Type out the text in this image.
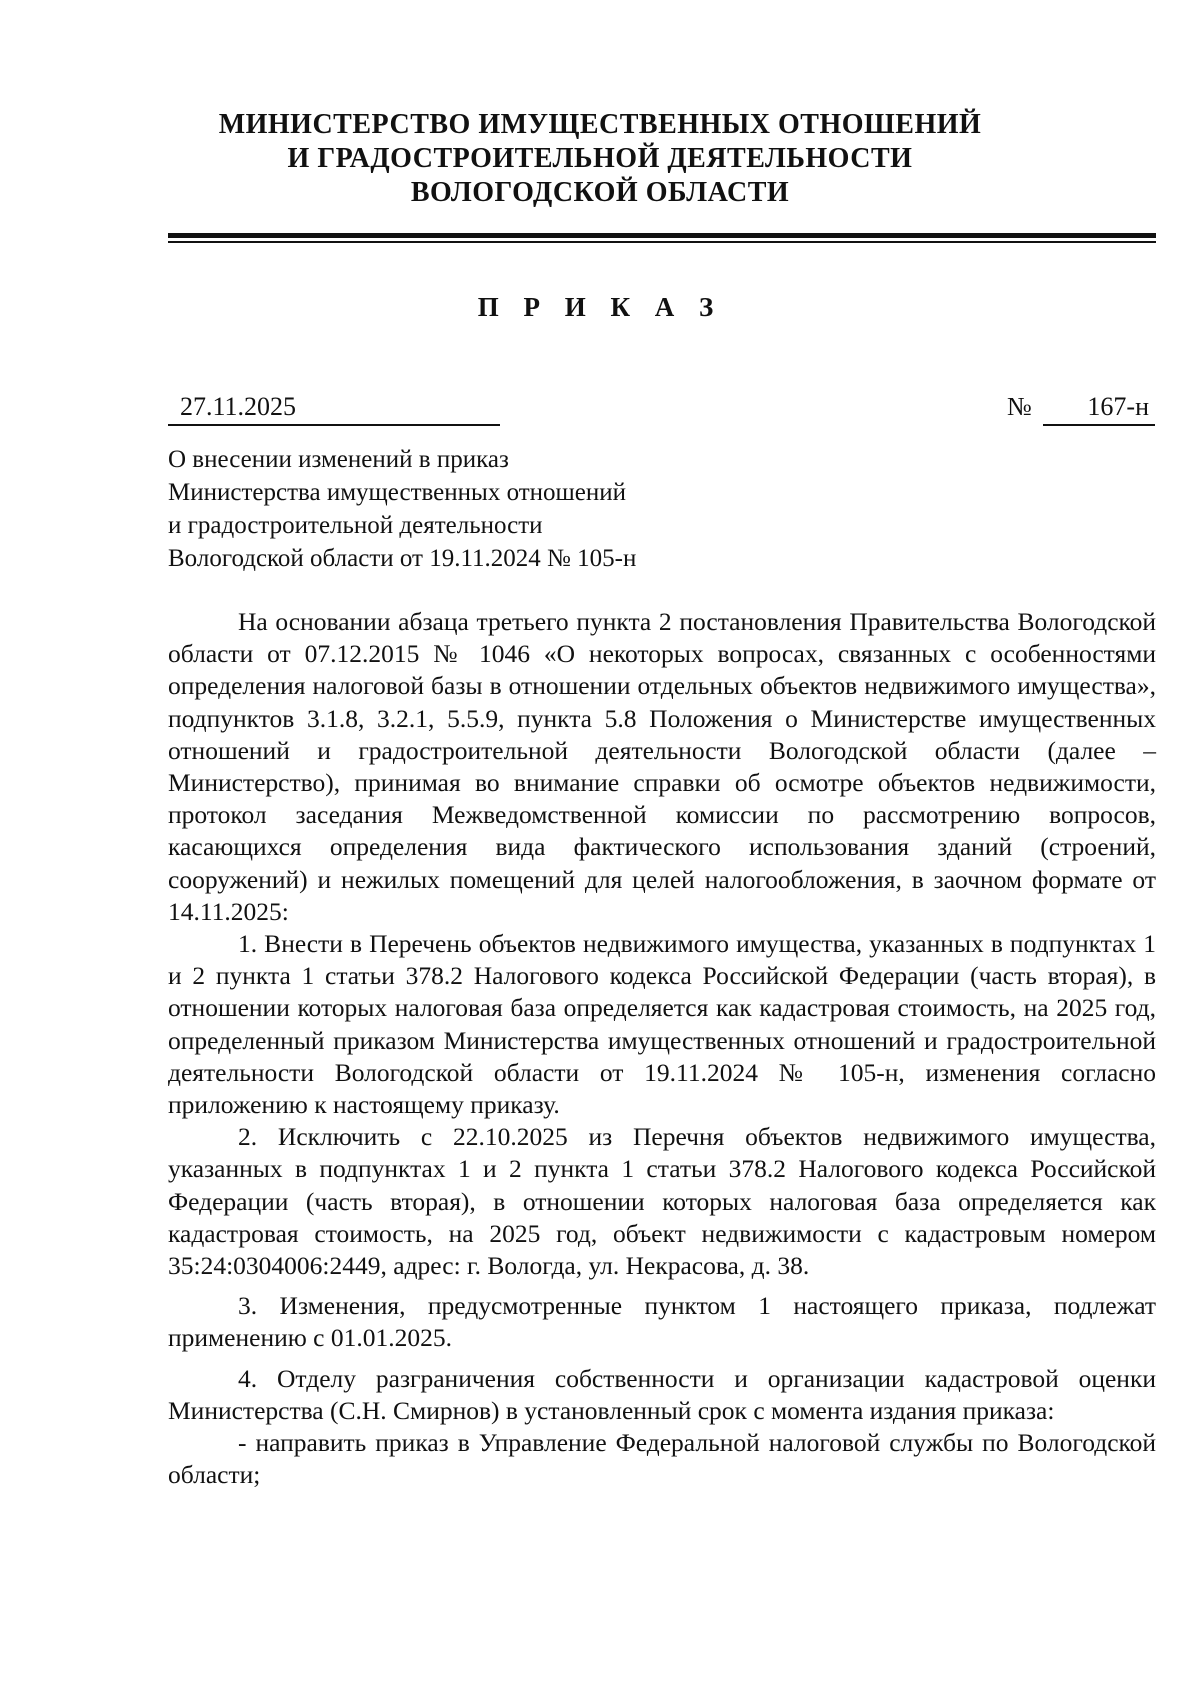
МИНИСТЕРСТВО ИМУЩЕСТВЕННЫХ ОТНОШЕНИЙ
И ГРАДОСТРОИТЕЛЬНОЙ ДЕЯТЕЛЬНОСТИ
ВОЛОГОДСКОЙ ОБЛАСТИ
П Р И К А З
27.11.2025	№	167-н
О внесении изменений в приказ
Министерства имущественных отношений
и градостроительной деятельности
Вологодской области от 19.11.2024 № 105-н

На основании абзаца третьего пункта 2 постановления Правительства Вологодской области от 07.12.2015 № 1046 «О некоторых вопросах, связанных с особенностями определения налоговой базы в отношении отдельных объектов недвижимого имущества», подпунктов 3.1.8, 3.2.1, 5.5.9, пункта 5.8 Положения о Министерстве имущественных отношений и градостроительной деятельности Вологодской области (далее – Министерство), принимая во внимание справки об осмотре объектов недвижимости, протокол заседания Межведомственной комиссии по рассмотрению вопросов, касающихся определения вида фактического использования зданий (строений, сооружений) и нежилых помещений для целей налогообложения, в заочном формате от 14.11.2025:

1. Внести в Перечень объектов недвижимого имущества, указанных в подпунктах 1 и 2 пункта 1 статьи 378.2 Налогового кодекса Российской Федерации (часть вторая), в отношении которых налоговая база определяется как кадастровая стоимость, на 2025 год, определенный приказом Министерства имущественных отношений и градостроительной деятельности Вологодской области от 19.11.2024 № 105-н, изменения согласно приложению к настоящему приказу.

2. Исключить с 22.10.2025 из Перечня объектов недвижимого имущества, указанных в подпунктах 1 и 2 пункта 1 статьи 378.2 Налогового кодекса Российской Федерации (часть вторая), в отношении которых налоговая база определяется как кадастровая стоимость, на 2025 год, объект недвижимости с кадастровым номером 35:24:0304006:2449, адрес: г. Вологда, ул. Некрасова, д. 38.

3. Изменения, предусмотренные пунктом 1 настоящего приказа, подлежат применению с 01.01.2025.

4. Отделу разграничения собственности и организации кадастровой оценки Министерства (С.Н. Смирнов) в установленный срок с момента издания приказа:

- направить приказ в Управление Федеральной налоговой службы по Вологодской области;
